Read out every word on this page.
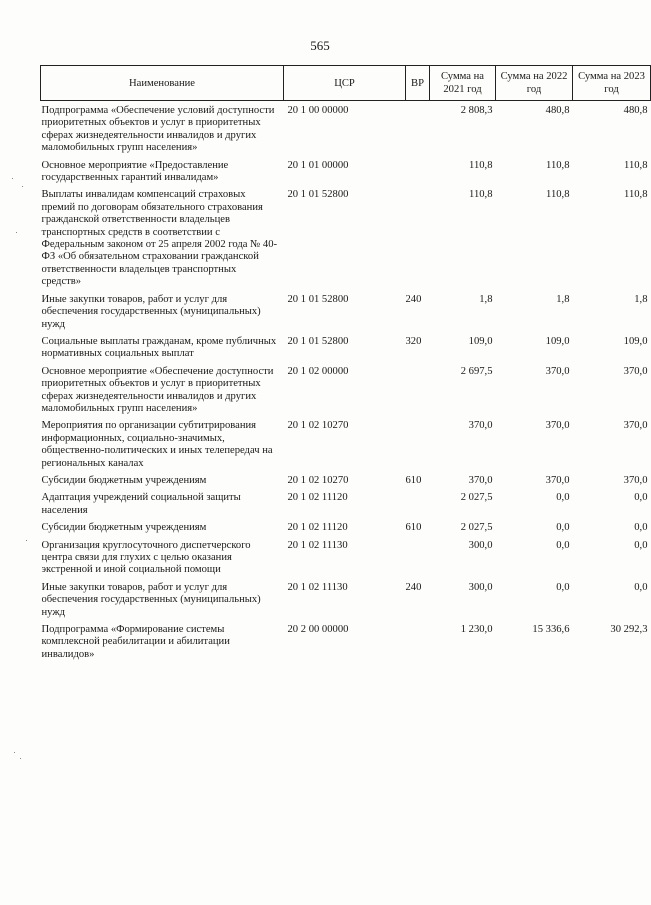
565
Наименование	ЦСР	ВР	Сумма на 2021 год	Сумма на 2022 год	Сумма на 2023 год
Подпрограмма «Обеспечение условий доступности приоритетных объектов и услуг в приоритетных сферах жизнедеятельности инвалидов и других маломобильных групп населения»	20 1 00 00000		2 808,3	480,8	480,8
Основное мероприятие «Предоставление государственных гарантий инвалидам»	20 1 01 00000		110,8	110,8	110,8
Выплаты инвалидам компенсаций страховых премий по договорам обязательного страхования гражданской ответственности владельцев транспортных средств в соответствии с Федеральным законом от 25 апреля 2002 года № 40-ФЗ «Об обязательном страховании гражданской ответственности владельцев транспортных средств»	20 1 01 52800		110,8	110,8	110,8
Иные закупки товаров, работ и услуг для обеспечения государственных (муниципальных) нужд	20 1 01 52800	240	1,8	1,8	1,8
Социальные выплаты гражданам, кроме публичных нормативных социальных выплат	20 1 01 52800	320	109,0	109,0	109,0
Основное мероприятие «Обеспечение доступности приоритетных объектов и услуг в приоритетных сферах жизнедеятельности инвалидов и других маломобильных групп населения»	20 1 02 00000		2 697,5	370,0	370,0
Мероприятия по организации субтитрирования информационных, социально-значимых, общественно-политических и иных телепередач на региональных каналах	20 1 02 10270		370,0	370,0	370,0
Субсидии бюджетным учреждениям	20 1 02 10270	610	370,0	370,0	370,0
Адаптация учреждений социальной защиты населения	20 1 02 11120		2 027,5	0,0	0,0
Субсидии бюджетным учреждениям	20 1 02 11120	610	2 027,5	0,0	0,0
Организация круглосуточного диспетчерского центра связи для глухих с целью оказания экстренной и иной социальной помощи	20 1 02 11130		300,0	0,0	0,0
Иные закупки товаров, работ и услуг для обеспечения государственных (муниципальных) нужд	20 1 02 11130	240	300,0	0,0	0,0
Подпрограмма «Формирование системы комплексной реабилитации и абилитации инвалидов»	20 2 00 00000		1 230,0	15 336,6	30 292,3
